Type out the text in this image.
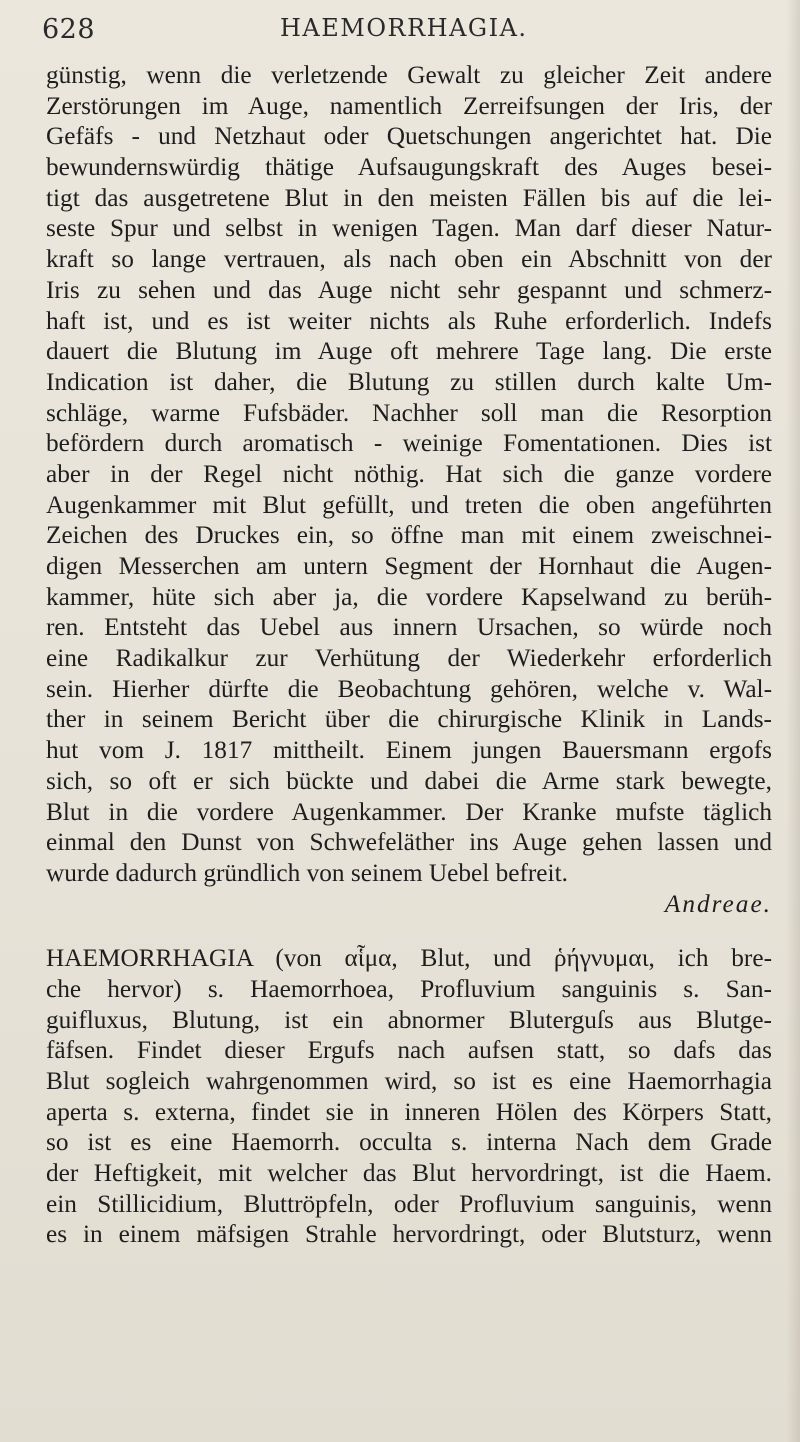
628	HAEMORRHAGIA.
günstig, wenn die verletzende Gewalt zu gleicher Zeit andere
Zerstörungen im Auge, namentlich Zerreifsungen der Iris, der
Gefäfs - und Netzhaut oder Quetschungen angerichtet hat. Die
bewundernswürdig thätige Aufsaugungskraft des Auges besei-
tigt das ausgetretene Blut in den meisten Fällen bis auf die lei-
seste Spur und selbst in wenigen Tagen. Man darf dieser Natur-
kraft so lange vertrauen, als nach oben ein Abschnitt von der
Iris zu sehen und das Auge nicht sehr gespannt und schmerz-
haft ist, und es ist weiter nichts als Ruhe erforderlich. Indefs
dauert die Blutung im Auge oft mehrere Tage lang. Die erste
Indication ist daher, die Blutung zu stillen durch kalte Um-
schläge, warme Fufsbäder. Nachher soll man die Resorption
befördern durch aromatisch - weinige Fomentationen. Dies ist
aber in der Regel nicht nöthig. Hat sich die ganze vordere
Augenkammer mit Blut gefüllt, und treten die oben angeführten
Zeichen des Druckes ein, so öffne man mit einem zweischnei-
digen Messerchen am untern Segment der Hornhaut die Augen-
kammer, hüte sich aber ja, die vordere Kapselwand zu berüh-
ren. Entsteht das Uebel aus innern Ursachen, so würde noch
eine Radikalkur zur Verhütung der Wiederkehr erforderlich
sein. Hierher dürfte die Beobachtung gehören, welche v. Wal-
ther in seinem Bericht über die chirurgische Klinik in Lands-
hut vom J. 1817 mittheilt. Einem jungen Bauersmann ergofs
sich, so oft er sich bückte und dabei die Arme stark bewegte,
Blut in die vordere Augenkammer. Der Kranke mufste täglich
einmal den Dunst von Schwefeläther ins Auge gehen lassen und
wurde dadurch gründlich von seinem Uebel befreit.
Andreae.
HAEMORRHAGIA (von αἷμα, Blut, und ῥήγνυμαι, ich bre-
che hervor) s. Haemorrhoea, Profluvium sanguinis s. San-
guifluxus, Blutung, ist ein abnormer Bluterguſs aus Blutge-
fäfsen. Findet dieser Ergufs nach aufsen statt, so dafs das
Blut sogleich wahrgenommen wird, so ist es eine Haemorrhagia
aperta s. externa, findet sie in inneren Hölen des Körpers Statt,
so ist es eine Haemorrh. occulta s. interna Nach dem Grade
der Heftigkeit, mit welcher das Blut hervordringt, ist die Haem.
ein Stillicidium, Bluttröpfeln, oder Profluvium sanguinis, wenn
es in einem mäfsigen Strahle hervordringt, oder Blutsturz, wenn
